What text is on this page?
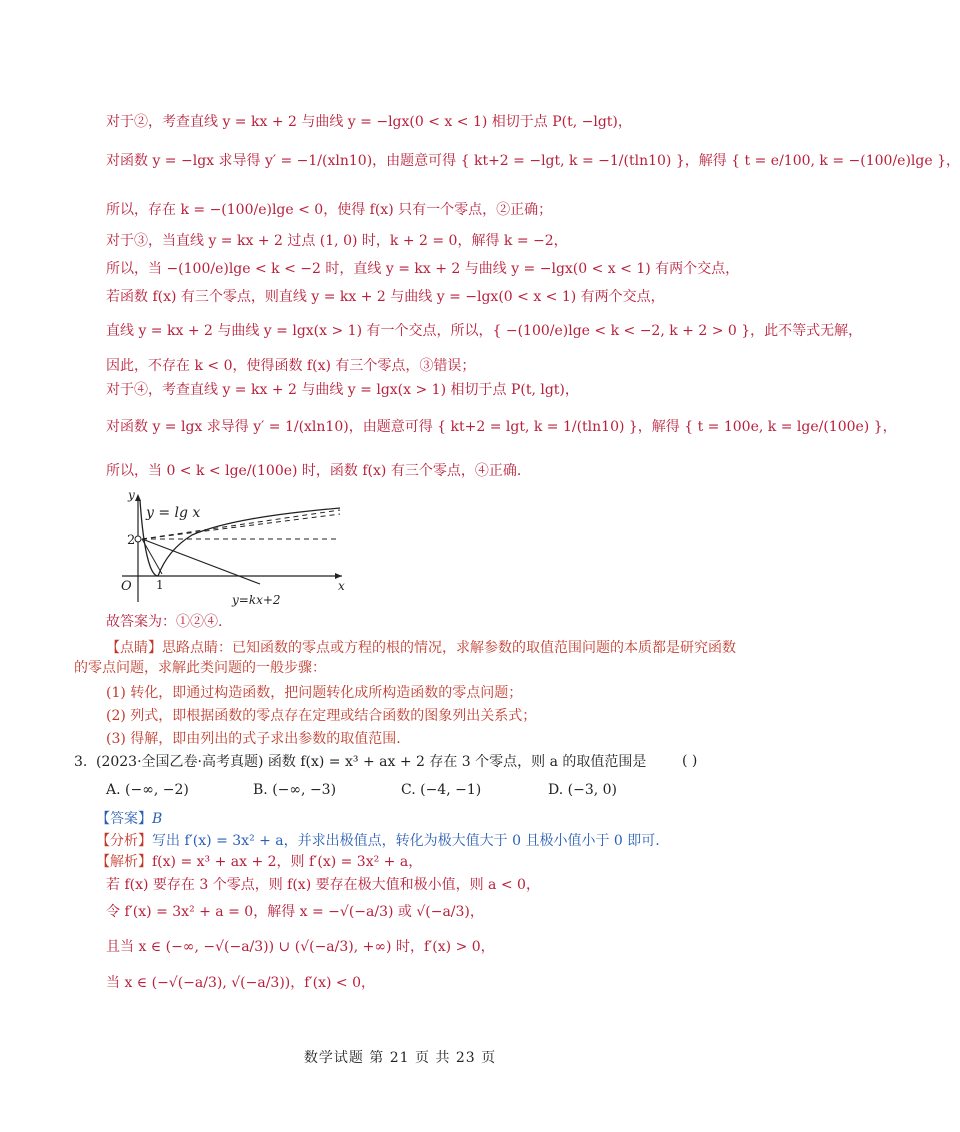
对于②，考查直线 y = kx + 2 与曲线 y = −lgx(0 < x < 1) 相切于点 P(t, −lgt)，
对函数 y = −lgx 求导得 y′ = −1/(xln10)，由题意可得 { kt+2 = −lgt, k = −1/(tln10) }，解得 { t = e/100, k = −(100/e)lge }，
所以，存在 k = −(100/e)lge < 0，使得 f(x) 只有一个零点，②正确；
对于③，当直线 y = kx + 2 过点 (1, 0) 时，k + 2 = 0，解得 k = −2，
所以，当 −(100/e)lge < k < −2 时，直线 y = kx + 2 与曲线 y = −lgx(0 < x < 1) 有两个交点，
若函数 f(x) 有三个零点，则直线 y = kx + 2 与曲线 y = −lgx(0 < x < 1) 有两个交点，
直线 y = kx + 2 与曲线 y = lgx(x > 1) 有一个交点，所以，{ −(100/e)lge < k < −2, k + 2 > 0 }，此不等式无解，
因此，不存在 k < 0，使得函数 f(x) 有三个零点，③错误；
对于④，考查直线 y = kx + 2 与曲线 y = lgx(x > 1) 相切于点 P(t, lgt)，
对函数 y = lgx 求导得 y′ = 1/(xln10)，由题意可得 { kt+2 = lgt, k = 1/(tln10) }，解得 { t = 100e, k = lge/(100e) }，
所以，当 0 < k < lge/(100e) 时，函数 f(x) 有三个零点，④正确.
y
x
O
2
1
y = lg x
y=kx+2
故答案为：①②④.
【点睛】思路点睛：已知函数的零点或方程的根的情况，求解参数的取值范围问题的本质都是研究函数
的零点问题，求解此类问题的一般步骤：
(1) 转化，即通过构造函数，把问题转化成所构造函数的零点问题；
(2) 列式，即根据函数的零点存在定理或结合函数的图象列出关系式；
(3) 得解，即由列出的式子求出参数的取值范围.
3. (2023·全国乙卷·高考真题) 函数 f(x) = x³ + ax + 2 存在 3 个零点，则 a 的取值范围是	( )
A. (−∞, −2)	B. (−∞, −3)	C. (−4, −1)	D. (−3, 0)
【答案】B
【分析】写出 f′(x) = 3x² + a，并求出极值点，转化为极大值大于 0 且极小值小于 0 即可.
【解析】f(x) = x³ + ax + 2，则 f′(x) = 3x² + a，
若 f(x) 要存在 3 个零点，则 f(x) 要存在极大值和极小值，则 a < 0，
令 f′(x) = 3x² + a = 0，解得 x = −√(−a/3) 或 √(−a/3)，
且当 x ∈ (−∞, −√(−a/3)) ∪ (√(−a/3), +∞) 时，f′(x) > 0，
当 x ∈ (−√(−a/3), √(−a/3))，f′(x) < 0，
数学试题 第 21 页 共 23 页
